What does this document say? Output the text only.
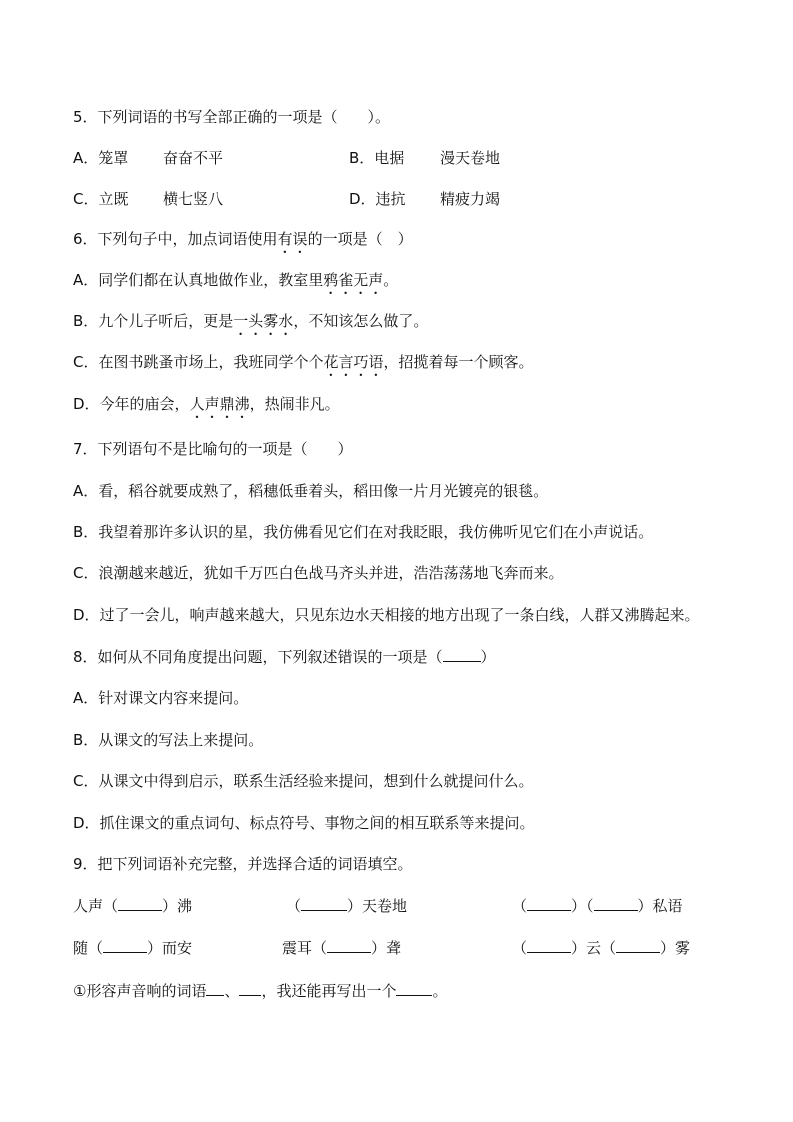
5．下列词语的书写全部正确的一项是（　　）。
A．笼罩 奋奋不平	B．电据 漫天卷地
C．立既 横七竖八	D．违抗 精疲力竭
6．下列句子中，加点词语使用有误的一项是（　）
A．同学们都在认真地做作业，教室里鸦雀无声。
B．九个儿子听后，更是一头雾水，不知该怎么做了。
C．在图书跳蚤市场上，我班同学个个花言巧语，招揽着每一个顾客。
D．今年的庙会，人声鼎沸，热闹非凡。
7．下列语句不是比喻句的一项是（　　）
A．看，稻谷就要成熟了，稻穗低垂着头，稻田像一片月光镀亮的银毯。
B．我望着那许多认识的星，我仿佛看见它们在对我眨眼，我仿佛听见它们在小声说话。
C．浪潮越来越近，犹如千万匹白色战马齐头并进，浩浩荡荡地飞奔而来。
D．过了一会儿，响声越来越大，只见东边水天相接的地方出现了一条白线，人群又沸腾起来。
8．如何从不同角度提出问题，下列叙述错误的一项是（	）
A．针对课文内容来提问。
B．从课文的写法上来提问。
C．从课文中得到启示，联系生活经验来提问，想到什么就提问什么。
D．抓住课文的重点词句、标点符号、事物之间的相互联系等来提问。
9．把下列词语补充完整，并选择合适的词语填空。
人声（	）沸	（	）天卷地	（	）（	）私语
随（	）而安	震耳（	）聋	（	）云（	）雾
①形容声音响的词语 、 ，我还能再写出一个 。
